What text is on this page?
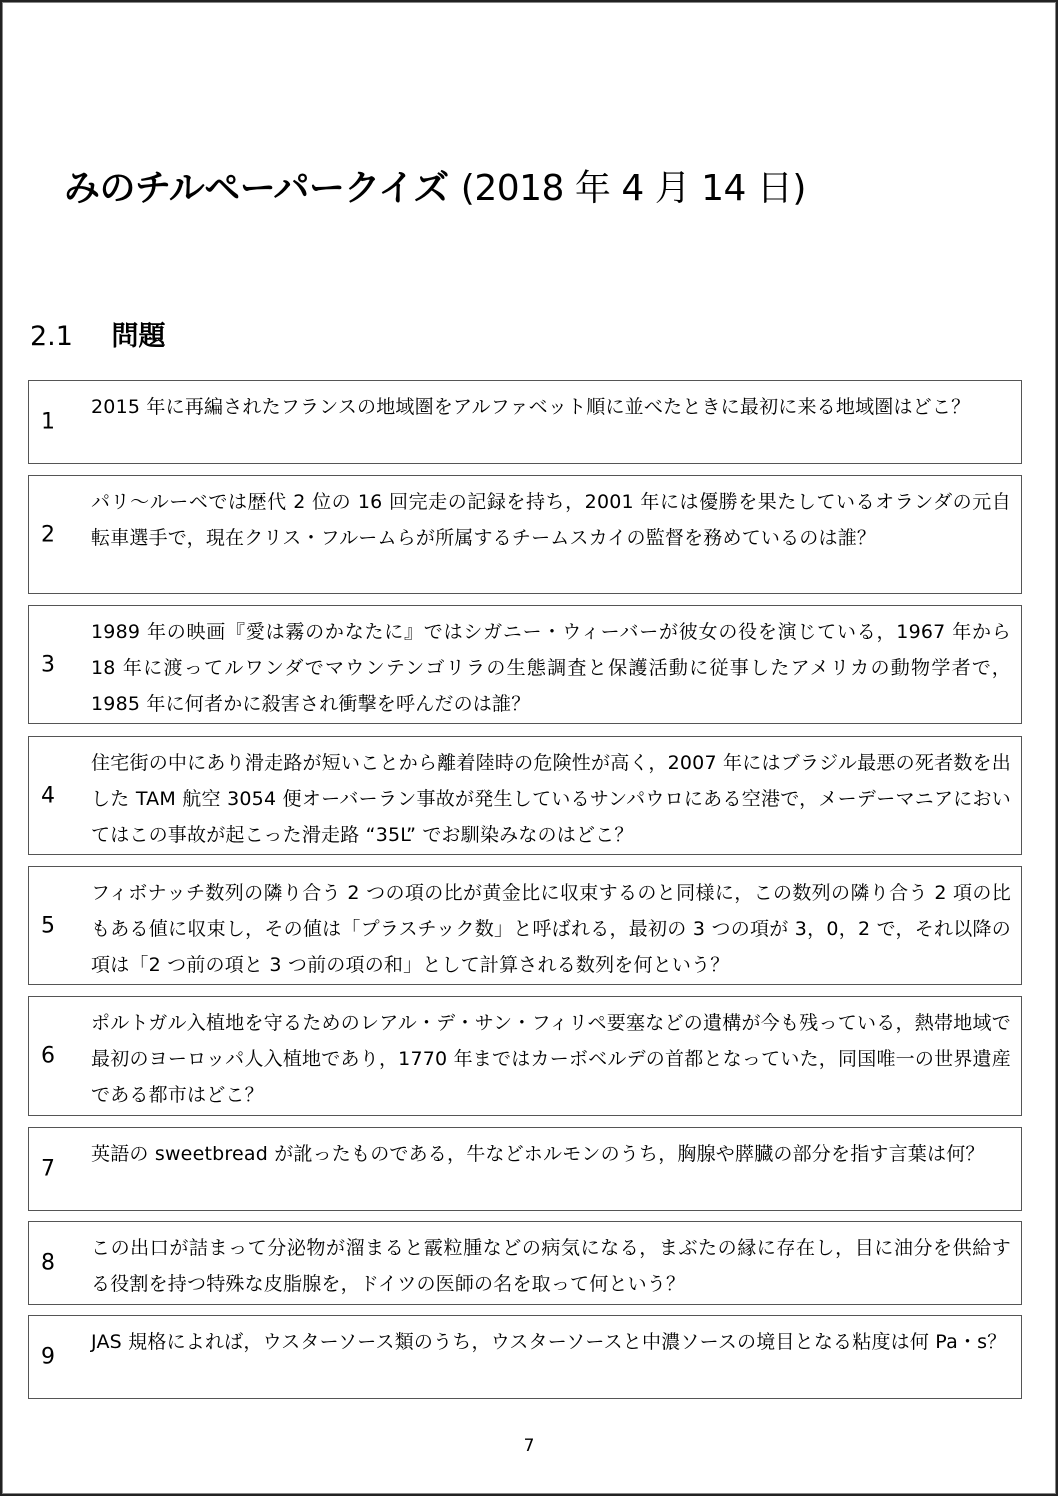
みのチルペーパークイズ (2018 年 4 月 14 日)
2.1 問題
1
2015 年に再編されたフランスの地域圏をアルファベット順に並べたときに最初に来る地域圏はどこ？
2
パリ〜ルーベでは歴代 2 位の 16 回完走の記録を持ち，2001 年には優勝を果たしているオランダの元自転車選手で，現在クリス・フルームらが所属するチームスカイの監督を務めているのは誰？
3
1989 年の映画『愛は霧のかなたに』ではシガニー・ウィーバーが彼女の役を演じている，1967 年から 18 年に渡ってルワンダでマウンテンゴリラの生態調査と保護活動に従事したアメリカの動物学者で，1985 年に何者かに殺害され衝撃を呼んだのは誰？
4
住宅街の中にあり滑走路が短いことから離着陸時の危険性が高く，2007 年にはブラジル最悪の死者数を出した TAM 航空 3054 便オーバーラン事故が発生しているサンパウロにある空港で，メーデーマニアにおいてはこの事故が起こった滑走路 “35L” でお馴染みなのはどこ？
5
フィボナッチ数列の隣り合う 2 つの項の比が黄金比に収束するのと同様に，この数列の隣り合う 2 項の比もある値に収束し，その値は「プラスチック数」と呼ばれる，最初の 3 つの項が 3，0，2 で，それ以降の項は「2 つ前の項と 3 つ前の項の和」として計算される数列を何という？
6
ポルトガル入植地を守るためのレアル・デ・サン・フィリペ要塞などの遺構が今も残っている，熱帯地域で最初のヨーロッパ人入植地であり，1770 年まではカーボベルデの首都となっていた，同国唯一の世界遺産である都市はどこ？
7
英語の sweetbread が訛ったものである，牛などホルモンのうち，胸腺や膵臓の部分を指す言葉は何？
8
この出口が詰まって分泌物が溜まると霰粒腫などの病気になる，まぶたの縁に存在し，目に油分を供給する役割を持つ特殊な皮脂腺を，ドイツの医師の名を取って何という？
9
JAS 規格によれば，ウスターソース類のうち，ウスターソースと中濃ソースの境目となる粘度は何 Pa・s？
7
